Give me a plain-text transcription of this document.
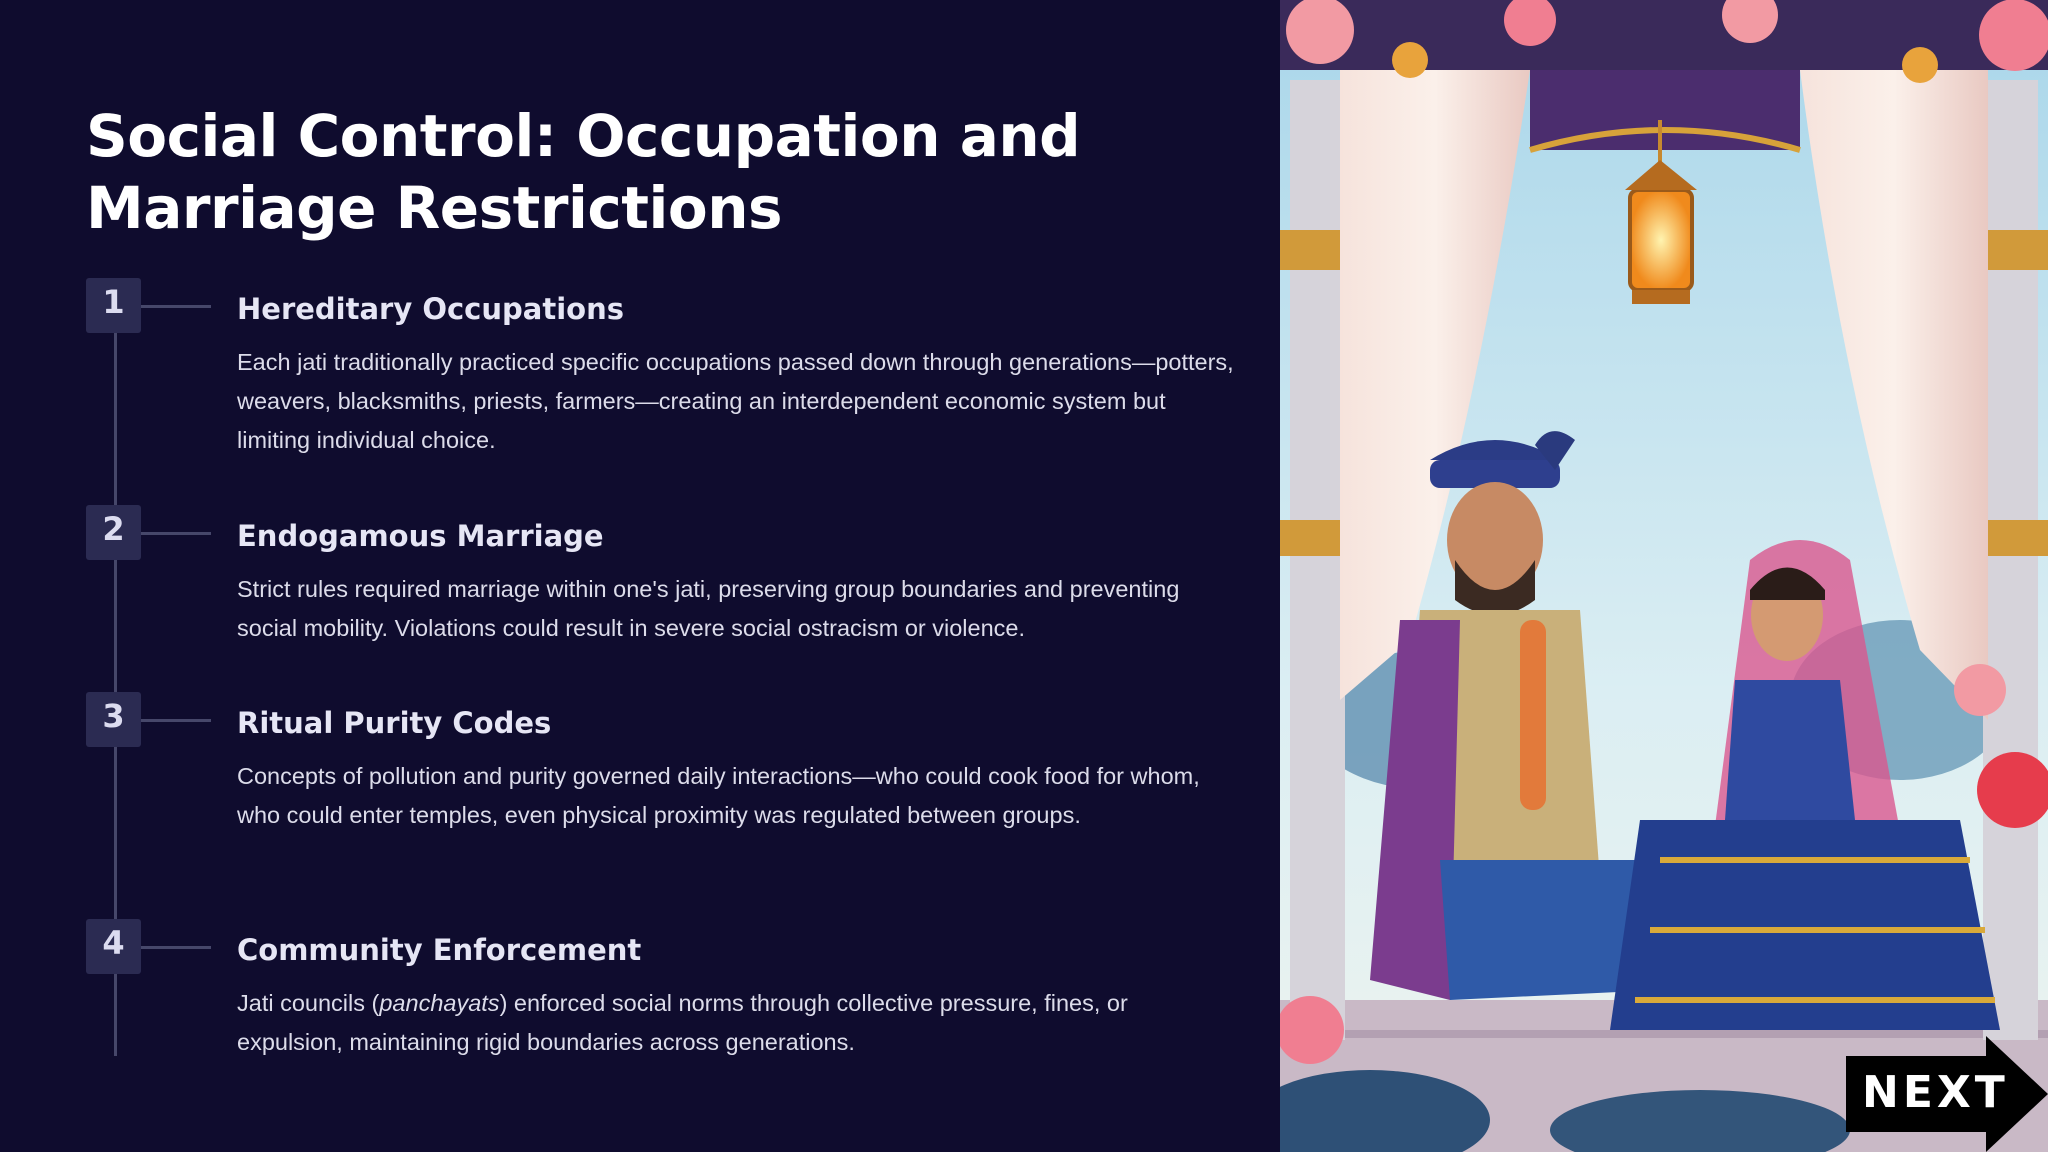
Social Control: Occupation and
Marriage Restrictions
1	Hereditary Occupations

Each jati traditionally practiced specific occupations passed down through generations—potters, weavers, blacksmiths, priests, farmers—creating an interdependent economic system but limiting individual choice.

2	Endogamous Marriage

Strict rules required marriage within one's jati, preserving group boundaries and preventing social mobility. Violations could result in severe social ostracism or violence.

3	Ritual Purity Codes

Concepts of pollution and purity governed daily interactions—who could cook food for whom, who could enter temples, even physical proximity was regulated between groups.

4	Community Enforcement

Jati councils (panchayats) enforced social norms through collective pressure, fines, or expulsion, maintaining rigid boundaries across generations.

NEXT
